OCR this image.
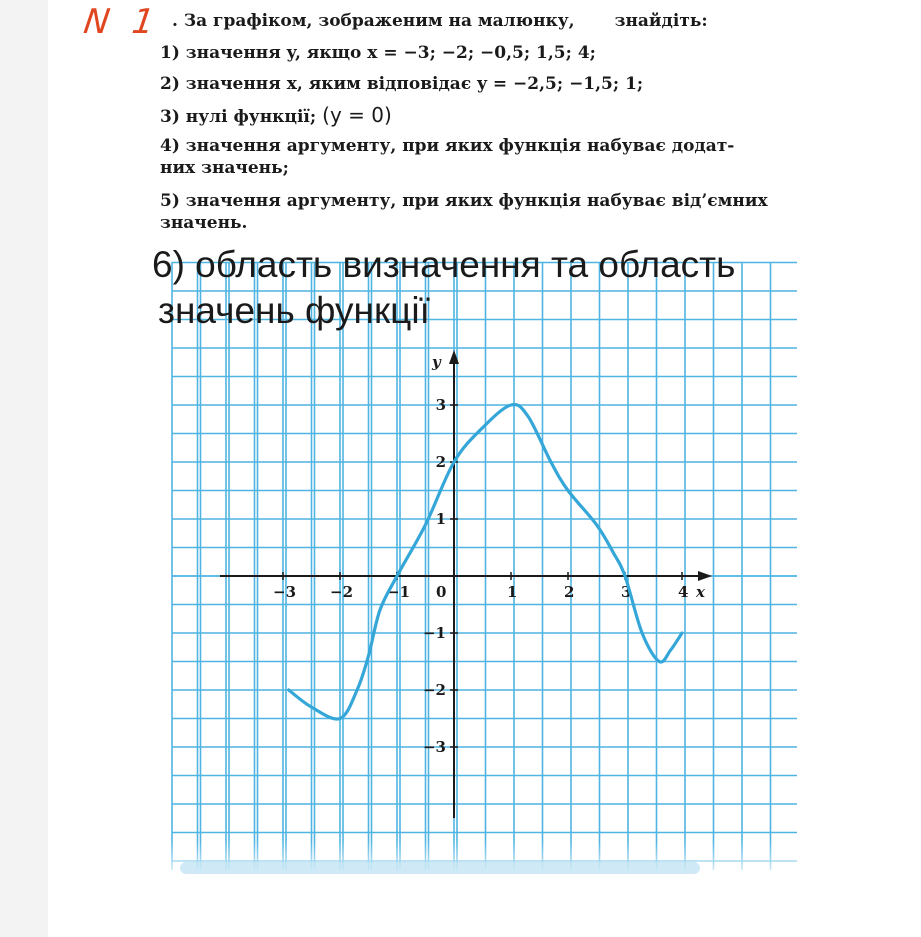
N 1 . За графіком, зображеним на малюнку, знайдіть:
1) значення y, якщо x = −3; −2; −0,5; 1,5; 4;
2) значення x, яким відповідає y = −2,5; −1,5; 1;
3) нулі функції; (y = 0)
4) значення аргументу, при яких функція набуває додат-
них значень;
5) значення аргументу, при яких функція набуває від’ємних
значень.
−3 −2 −1 0	1	2	3	4
3
2
1
−1
−2
−3
x
y
6) область визначення та область
значень функції
